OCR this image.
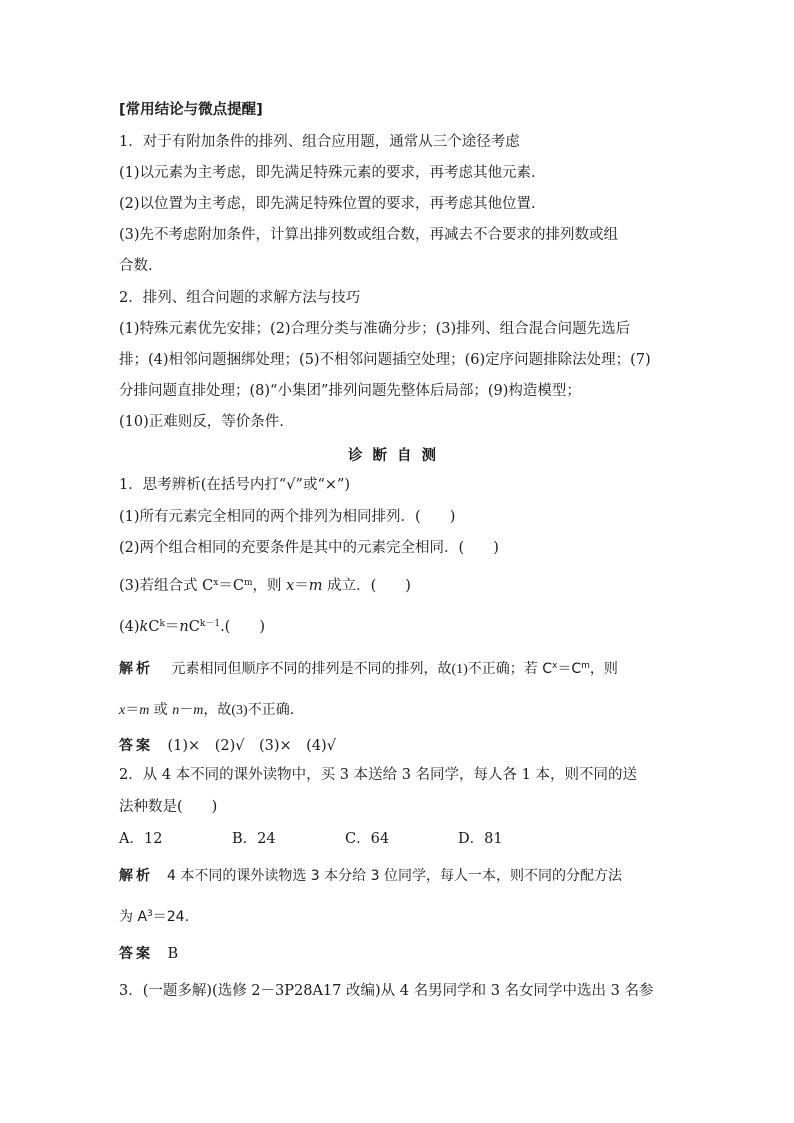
[常用结论与微点提醒]
1．对于有附加条件的排列、组合应用题，通常从三个途径考虑
(1)以元素为主考虑，即先满足特殊元素的要求，再考虑其他元素.
(2)以位置为主考虑，即先满足特殊位置的要求，再考虑其他位置.
(3)先不考虑附加条件，计算出排列数或组合数，再减去不合要求的排列数或组
合数.
2．排列、组合问题的求解方法与技巧
(1)特殊元素优先安排；(2)合理分类与准确分步；(3)排列、组合混合问题先选后
排；(4)相邻问题捆绑处理；(5)不相邻问题插空处理；(6)定序问题排除法处理；(7)
分排问题直排处理；(8)“小集团”排列问题先整体后局部；(9)构造模型；
(10)正难则反，等价条件.
诊断自测
1．思考辨析(在括号内打“√”或“×”)
(1)所有元素完全相同的两个排列为相同排列．(　　)
(2)两个组合相同的充要条件是其中的元素完全相同．(　　)
(3)若组合式 $C^x=C^m$，则 x＝m 成立．(　　)
$(4)kC^k=nC^{k-1}$.(　　)
解析　 元素相同但顺序不同的排列是不同的排列，故(1)不正确；若 $C^x=C^m$，则
x＝m 或 n－m，故(3)不正确．
答案　 (1)×　(2)√　(3)×　(4)√
2．从 4 本不同的课外读物中，买 3 本送给 3 名同学，每人各 1 本，则不同的送
法种数是(　　)
A．12	B．24	C．64	D．81
解析　 4 本不同的课外读物选 3 本分给 3 位同学，每人一本，则不同的分配方法
为 $A^3=24$.
答案　 B
3．(一题多解)(选修 2－3P28A17 改编)从 4 名男同学和 3 名女同学中选出 3 名参
